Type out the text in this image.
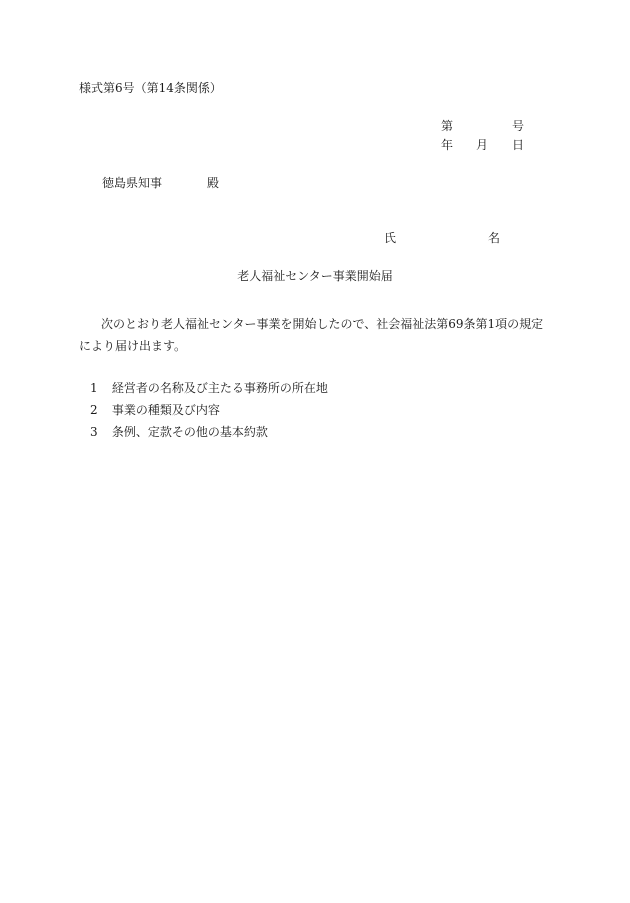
様式第6号（第14条関係）
第	号
年 月 日
徳島県知事	殿
氏	名
老人福祉センター事業開始届
次のとおり老人福祉センター事業を開始したので、社会福祉法第69条第1項の規定により届け出ます。
1 経営者の名称及び主たる事務所の所在地
2 事業の種類及び内容
3 条例、定款その他の基本約款
